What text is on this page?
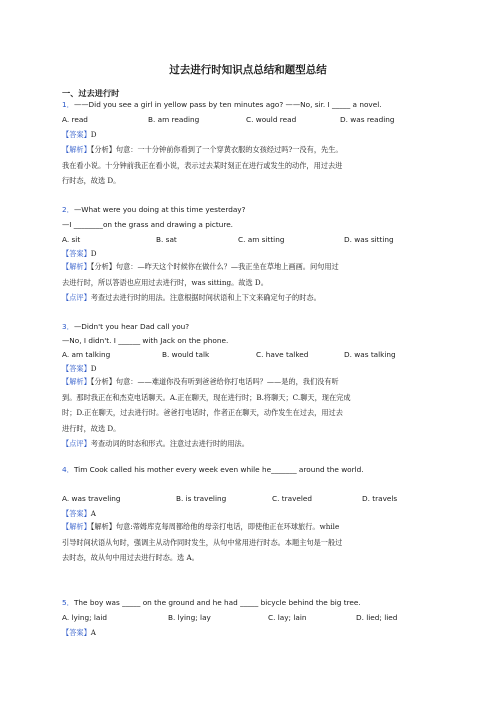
过去进行时知识点总结和题型总结
一、过去进行时
1．——Did you see a girl in yellow pass by ten minutes ago? ——No, sir. I _____ a novel.
A. read	B. am reading	C. would read	D. was reading
【答案】D
【解析】【分析】句意：一十分钟前你看到了一个穿黄衣服的女孩经过吗?一没有，先生。
我在看小说。十分钟前我正在看小说，表示过去某时刻正在进行或发生的动作，用过去进
行时态，故选 D。
2．—What were you doing at this time yesterday?
—I ________on the grass and drawing a picture.
A. sit	B. sat	C. am sitting	D. was sitting
【答案】D
【解析】【分析】句意：—昨天这个时候你在做什么？—我正坐在草地上画画。问句用过
去进行时，所以答语也应用过去进行时，was sitting。故选 D。
【点评】考查过去进行时的用法。注意根据时间状语和上下文来确定句子的时态。
3．—Didn't you hear Dad call you?
—No, I didn't. I ______ with Jack on the phone.
A. am talking	B. would talk	C. have talked	D. was talking
【答案】D
【解析】【分析】句意：——难道你没有听到爸爸给你打电话吗？——是的，我们没有听
到。那时我正在和杰克电话聊天。A.正在聊天，现在进行时；B.将聊天；C.聊天，现在完成
时；D.正在聊天，过去进行时。爸爸打电话时，作者正在聊天，动作发生在过去，用过去
进行时，故选 D。
【点评】考查动词的时态和形式。注意过去进行时的用法。
4．Tim Cook called his mother every week even while he_______ around the world.
A. was traveling	B. is traveling	C. traveled	D. travels
【答案】A
【解析】【解析】句意:蒂姆库克每周都给他的母亲打电话，即使他正在环球旅行。while
引导时间状语从句时，强调主从动作同时发生，从句中常用进行时态。本题主句是一般过
去时态，故从句中用过去进行时态。选 A。
5．The boy was _____ on the ground and he had _____ bicycle behind the big tree.
A. lying; laid	B. lying; lay	C. lay; lain	D. lied; lied
【答案】A
